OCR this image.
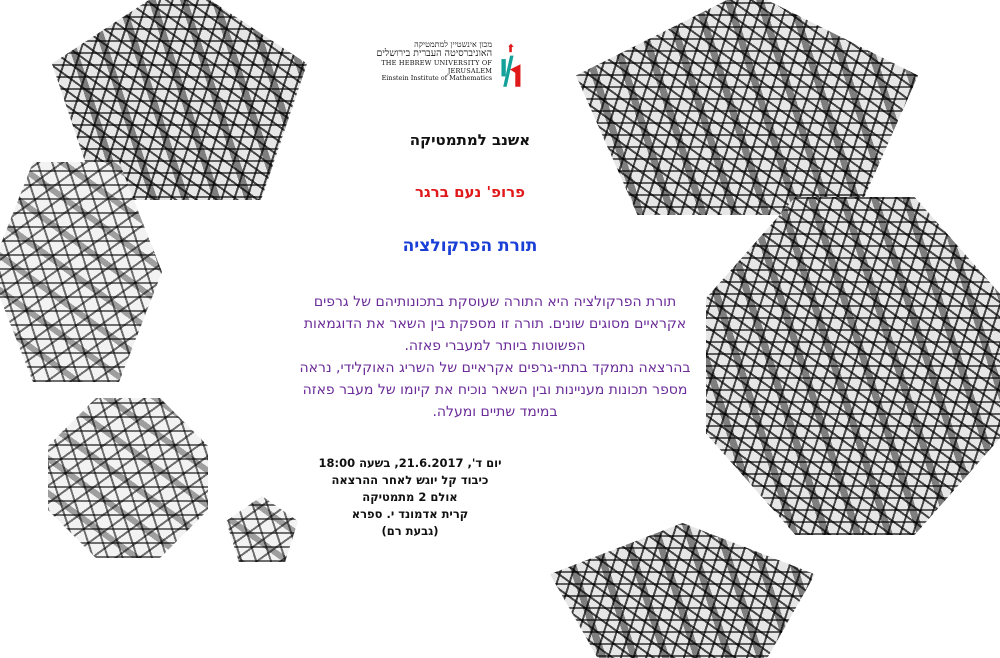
מכון אינשטיין למתמטיקה
האוניברסיטה העברית בירושלים
THE HEBREW UNIVERSITY OF JERUSALEM
Einstein Institute of Mathematics
אשנב למתמטיקה
פרופ' נעם ברגר
תורת הפרקולציה
תורת הפרקולציה היא התורה שעוסקת בתכונותיהם של גרפים
אקראיים מסוגים שונים. תורה זו מספקת בין השאר את הדוגמאות
הפשוטות ביותר למעברי פאזה.
בהרצאה נתמקד בתתי-גרפים אקראיים של השריג האוקלידי, נראה
מספר תכונות מעניינות ובין השאר נוכיח את קיומו של מעבר פאזה
במימד שתיים ומעלה.
יום ד', 21.6.2017, בשעה 18:00
כיבוד קל יוגש לאחר ההרצאה
אולם 2 מתמטיקה
קרית אדמונד י. ספרא
(גבעת רם)
